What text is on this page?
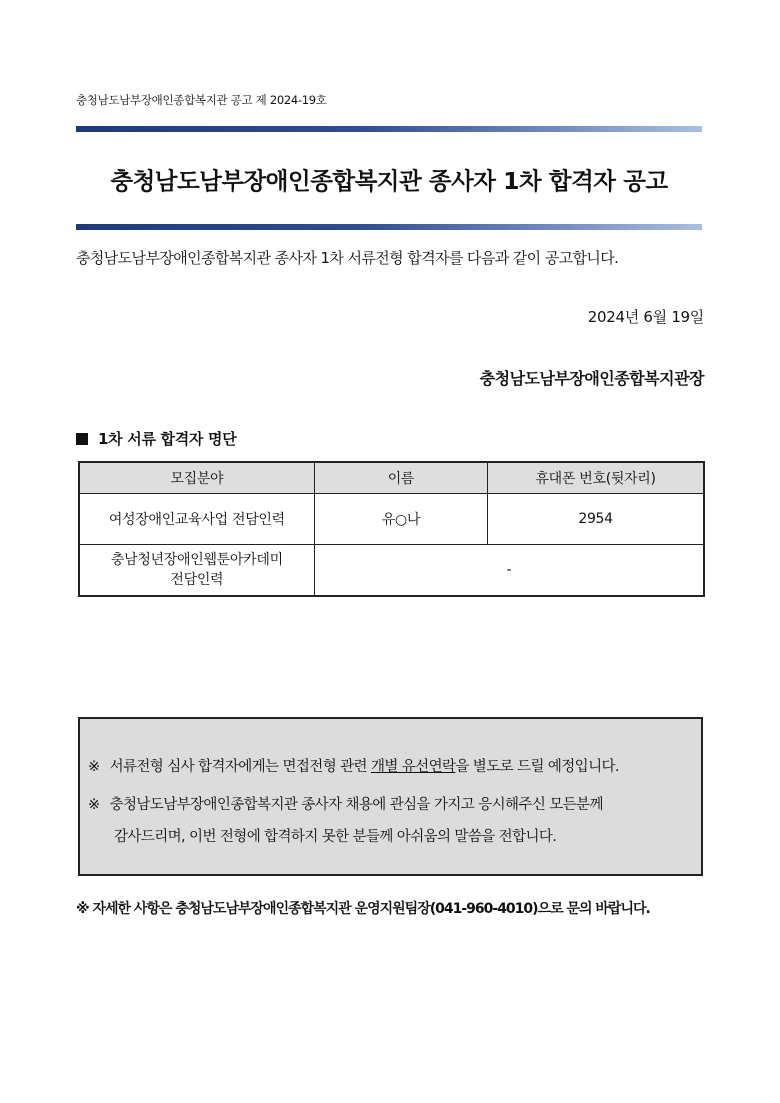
충청남도남부장애인종합복지관 공고 제 2024-19호
충청남도남부장애인종합복지관 종사자 1차 합격자 공고
충청남도남부장애인종합복지관 종사자 1차 서류전형 합격자를 다음과 같이 공고합니다.
2024년 6월 19일
충청남도남부장애인종합복지관장
1차 서류 합격자 명단
모집분야	이름	휴대폰 번호(뒷자리)
여성장애인교육사업 전담인력	유○나	2954

충남청년장애인웹툰아카데미
전담인력	-	
※ 서류전형 심사 합격자에게는 면접전형 관련 개별 유선연락을 별도로 드릴 예정입니다.
※ 충청남도남부장애인종합복지관 종사자 채용에 관심을 가지고 응시해주신 모든분께
감사드리며, 이번 전형에 합격하지 못한 분들께 아쉬움의 말씀을 전합니다.
※ 자세한 사항은 충청남도남부장애인종합복지관 운영지원팀장(041-960-4010)으로 문의 바랍니다.
